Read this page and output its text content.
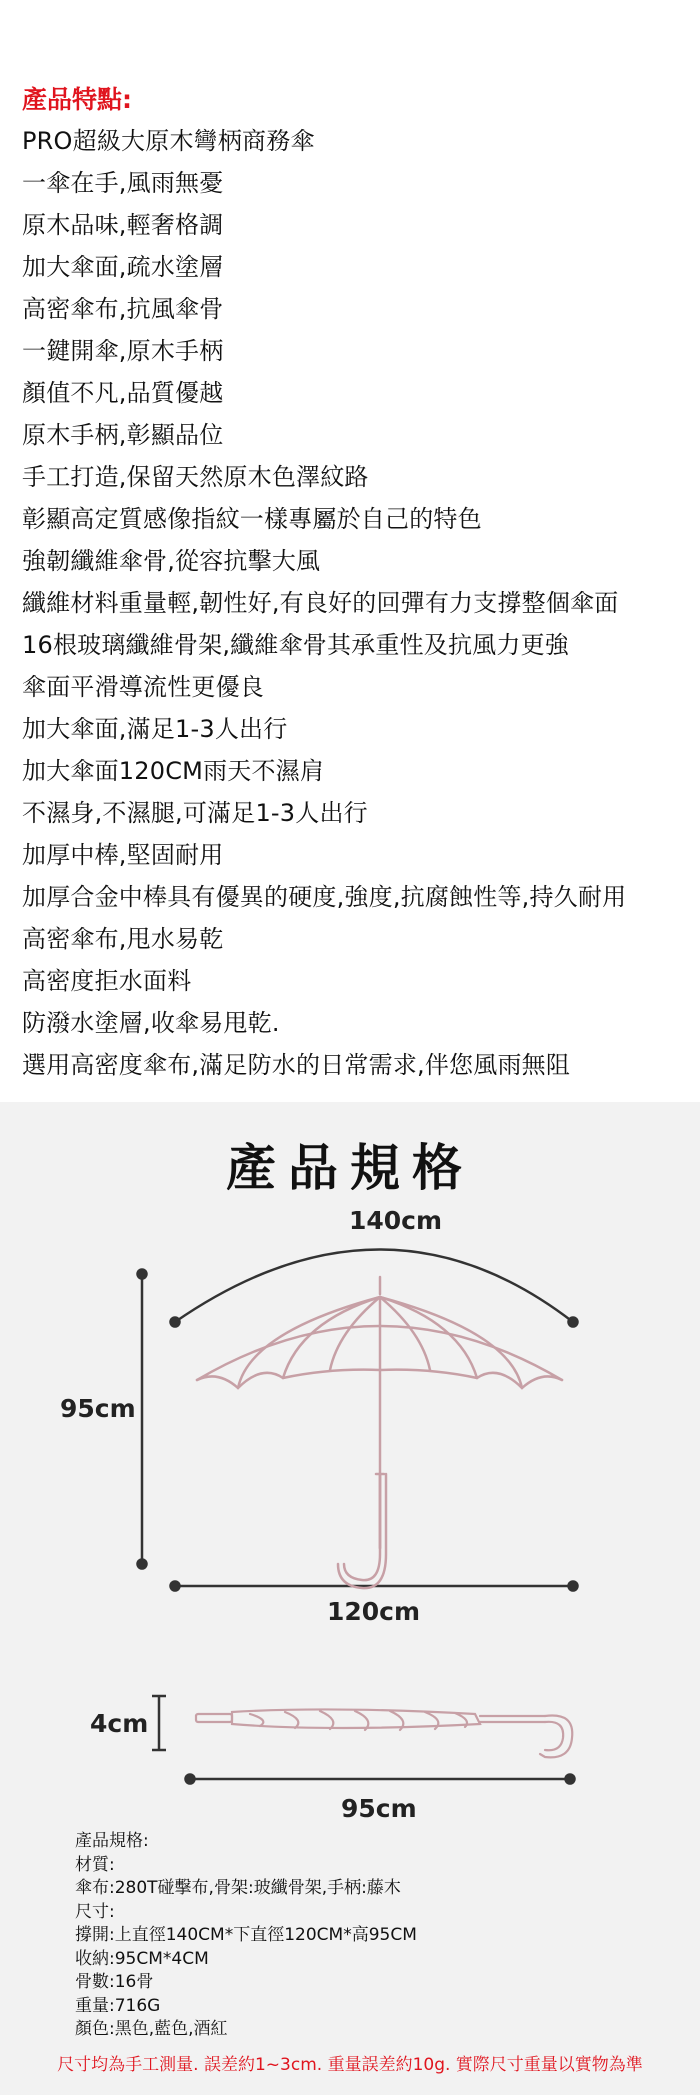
產品特點:
PRO超級大原木彎柄商務傘
一傘在手,風雨無憂
原木品味,輕奢格調
加大傘面,疏水塗層
高密傘布,抗風傘骨
一鍵開傘,原木手柄
顏值不凡,品質優越
原木手柄,彰顯品位
手工打造,保留天然原木色澤紋路
彰顯高定質感像指紋一樣專屬於自己的特色
強韌纖維傘骨,從容抗擊大風
纖維材料重量輕,韌性好,有良好的回彈有力支撐整個傘面
16根玻璃纖維骨架,纖維傘骨其承重性及抗風力更強
傘面平滑導流性更優良
加大傘面,滿足1-3人出行
加大傘面120CM雨天不濕肩
不濕身,不濕腿,可滿足1-3人出行
加厚中棒,堅固耐用
加厚合金中棒具有優異的硬度,強度,抗腐蝕性等,持久耐用
高密傘布,甩水易乾
高密度拒水面料
防潑水塗層,收傘易甩乾.
選用高密度傘布,滿足防水的日常需求,伴您風雨無阻
產品規格
140cm
95cm
120cm
4cm
95cm
產品規格:
材質:
傘布:280T碰擊布,骨架:玻纖骨架,手柄:藤木
尺寸:
撐開:上直徑140CM*下直徑120CM*高95CM
收納:95CM*4CM
骨數:16骨
重量:716G
顏色:黑色,藍色,酒紅
尺寸均為手工測量. 誤差約1~3cm. 重量誤差約10g. 實際尺寸重量以實物為準
